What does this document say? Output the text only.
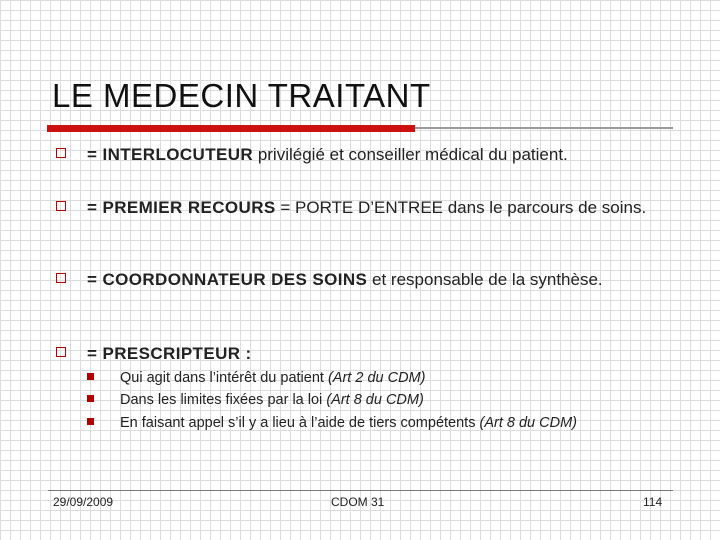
LE MEDECIN TRAITANT
= INTERLOCUTEUR privilégié et conseiller médical du patient.
= PREMIER RECOURS = PORTE D’ENTREE dans le parcours de soins.
= COORDONNATEUR DES SOINS et responsable de la synthèse.
= PRESCRIPTEUR :
Qui agit dans l’intérêt du patient (Art 2 du CDM)
Dans les limites fixées par la loi (Art 8 du CDM)
En faisant appel s’il y a lieu à l’aide de tiers compétents (Art 8 du CDM)
29/09/2009	CDOM 31	114
